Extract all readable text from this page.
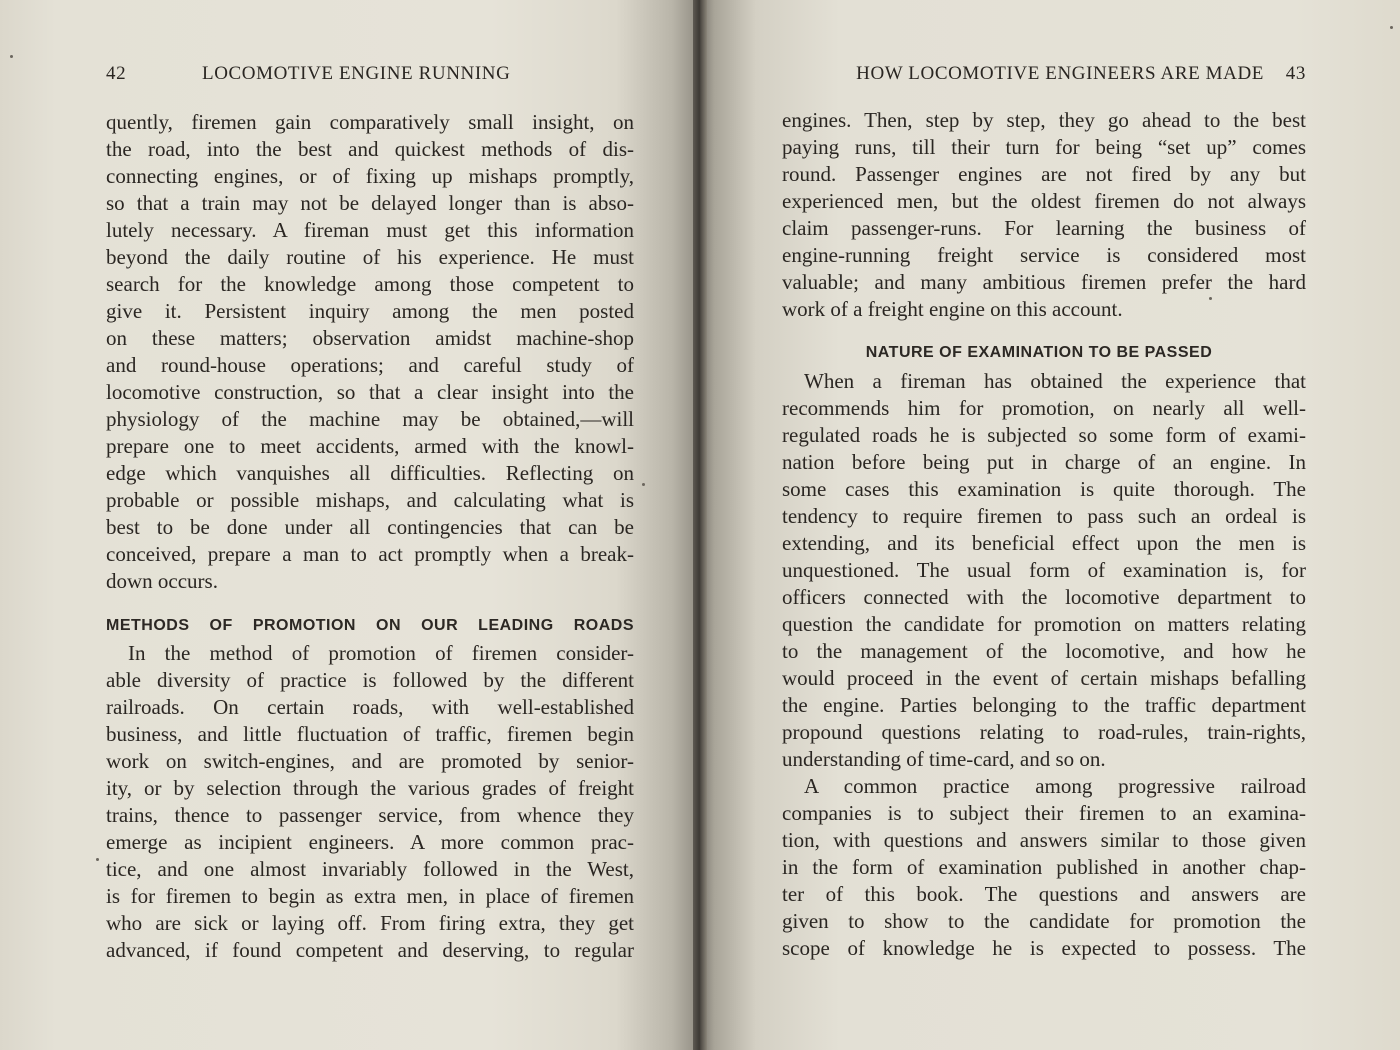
42	LOCOMOTIVE ENGINE RUNNING
quently, firemen gain comparatively small insight, on
the road, into the best and quickest methods of dis-
connecting engines, or of fixing up mishaps promptly,
so that a train may not be delayed longer than is abso-
lutely necessary. A fireman must get this information
beyond the daily routine of his experience. He must
search for the knowledge among those competent to
give it. Persistent inquiry among the men posted
on these matters; observation amidst machine-shop
and round-house operations; and careful study of
locomotive construction, so that a clear insight into the
physiology of the machine may be obtained,—will
prepare one to meet accidents, armed with the knowl-
edge which vanquishes all difficulties. Reflecting on
probable or possible mishaps, and calculating what is
best to be done under all contingencies that can be
conceived, prepare a man to act promptly when a break-
down occurs.
METHODS OF PROMOTION ON OUR LEADING ROADS
In the method of promotion of firemen consider-
able diversity of practice is followed by the different
railroads. On certain roads, with well-established
business, and little fluctuation of traffic, firemen begin
work on switch-engines, and are promoted by senior-
ity, or by selection through the various grades of freight
trains, thence to passenger service, from whence they
emerge as incipient engineers. A more common prac-
tice, and one almost invariably followed in the West,
is for firemen to begin as extra men, in place of firemen
who are sick or laying off. From firing extra, they get
advanced, if found competent and deserving, to regular
HOW LOCOMOTIVE ENGINEERS ARE MADE 43
engines. Then, step by step, they go ahead to the best
paying runs, till their turn for being “set up” comes
round. Passenger engines are not fired by any but
experienced men, but the oldest firemen do not always
claim passenger-runs. For learning the business of
engine-running freight service is considered most
valuable; and many ambitious firemen prefer the hard
work of a freight engine on this account.
NATURE OF EXAMINATION TO BE PASSED
When a fireman has obtained the experience that
recommends him for promotion, on nearly all well-
regulated roads he is subjected so some form of exami-
nation before being put in charge of an engine. In
some cases this examination is quite thorough. The
tendency to require firemen to pass such an ordeal is
extending, and its beneficial effect upon the men is
unquestioned. The usual form of examination is, for
officers connected with the locomotive department to
question the candidate for promotion on matters relating
to the management of the locomotive, and how he
would proceed in the event of certain mishaps befalling
the engine. Parties belonging to the traffic department
propound questions relating to road-rules, train-rights,
understanding of time-card, and so on.
A common practice among progressive railroad
companies is to subject their firemen to an examina-
tion, with questions and answers similar to those given
in the form of examination published in another chap-
ter of this book. The questions and answers are
given to show to the candidate for promotion the
scope of knowledge he is expected to possess. The
